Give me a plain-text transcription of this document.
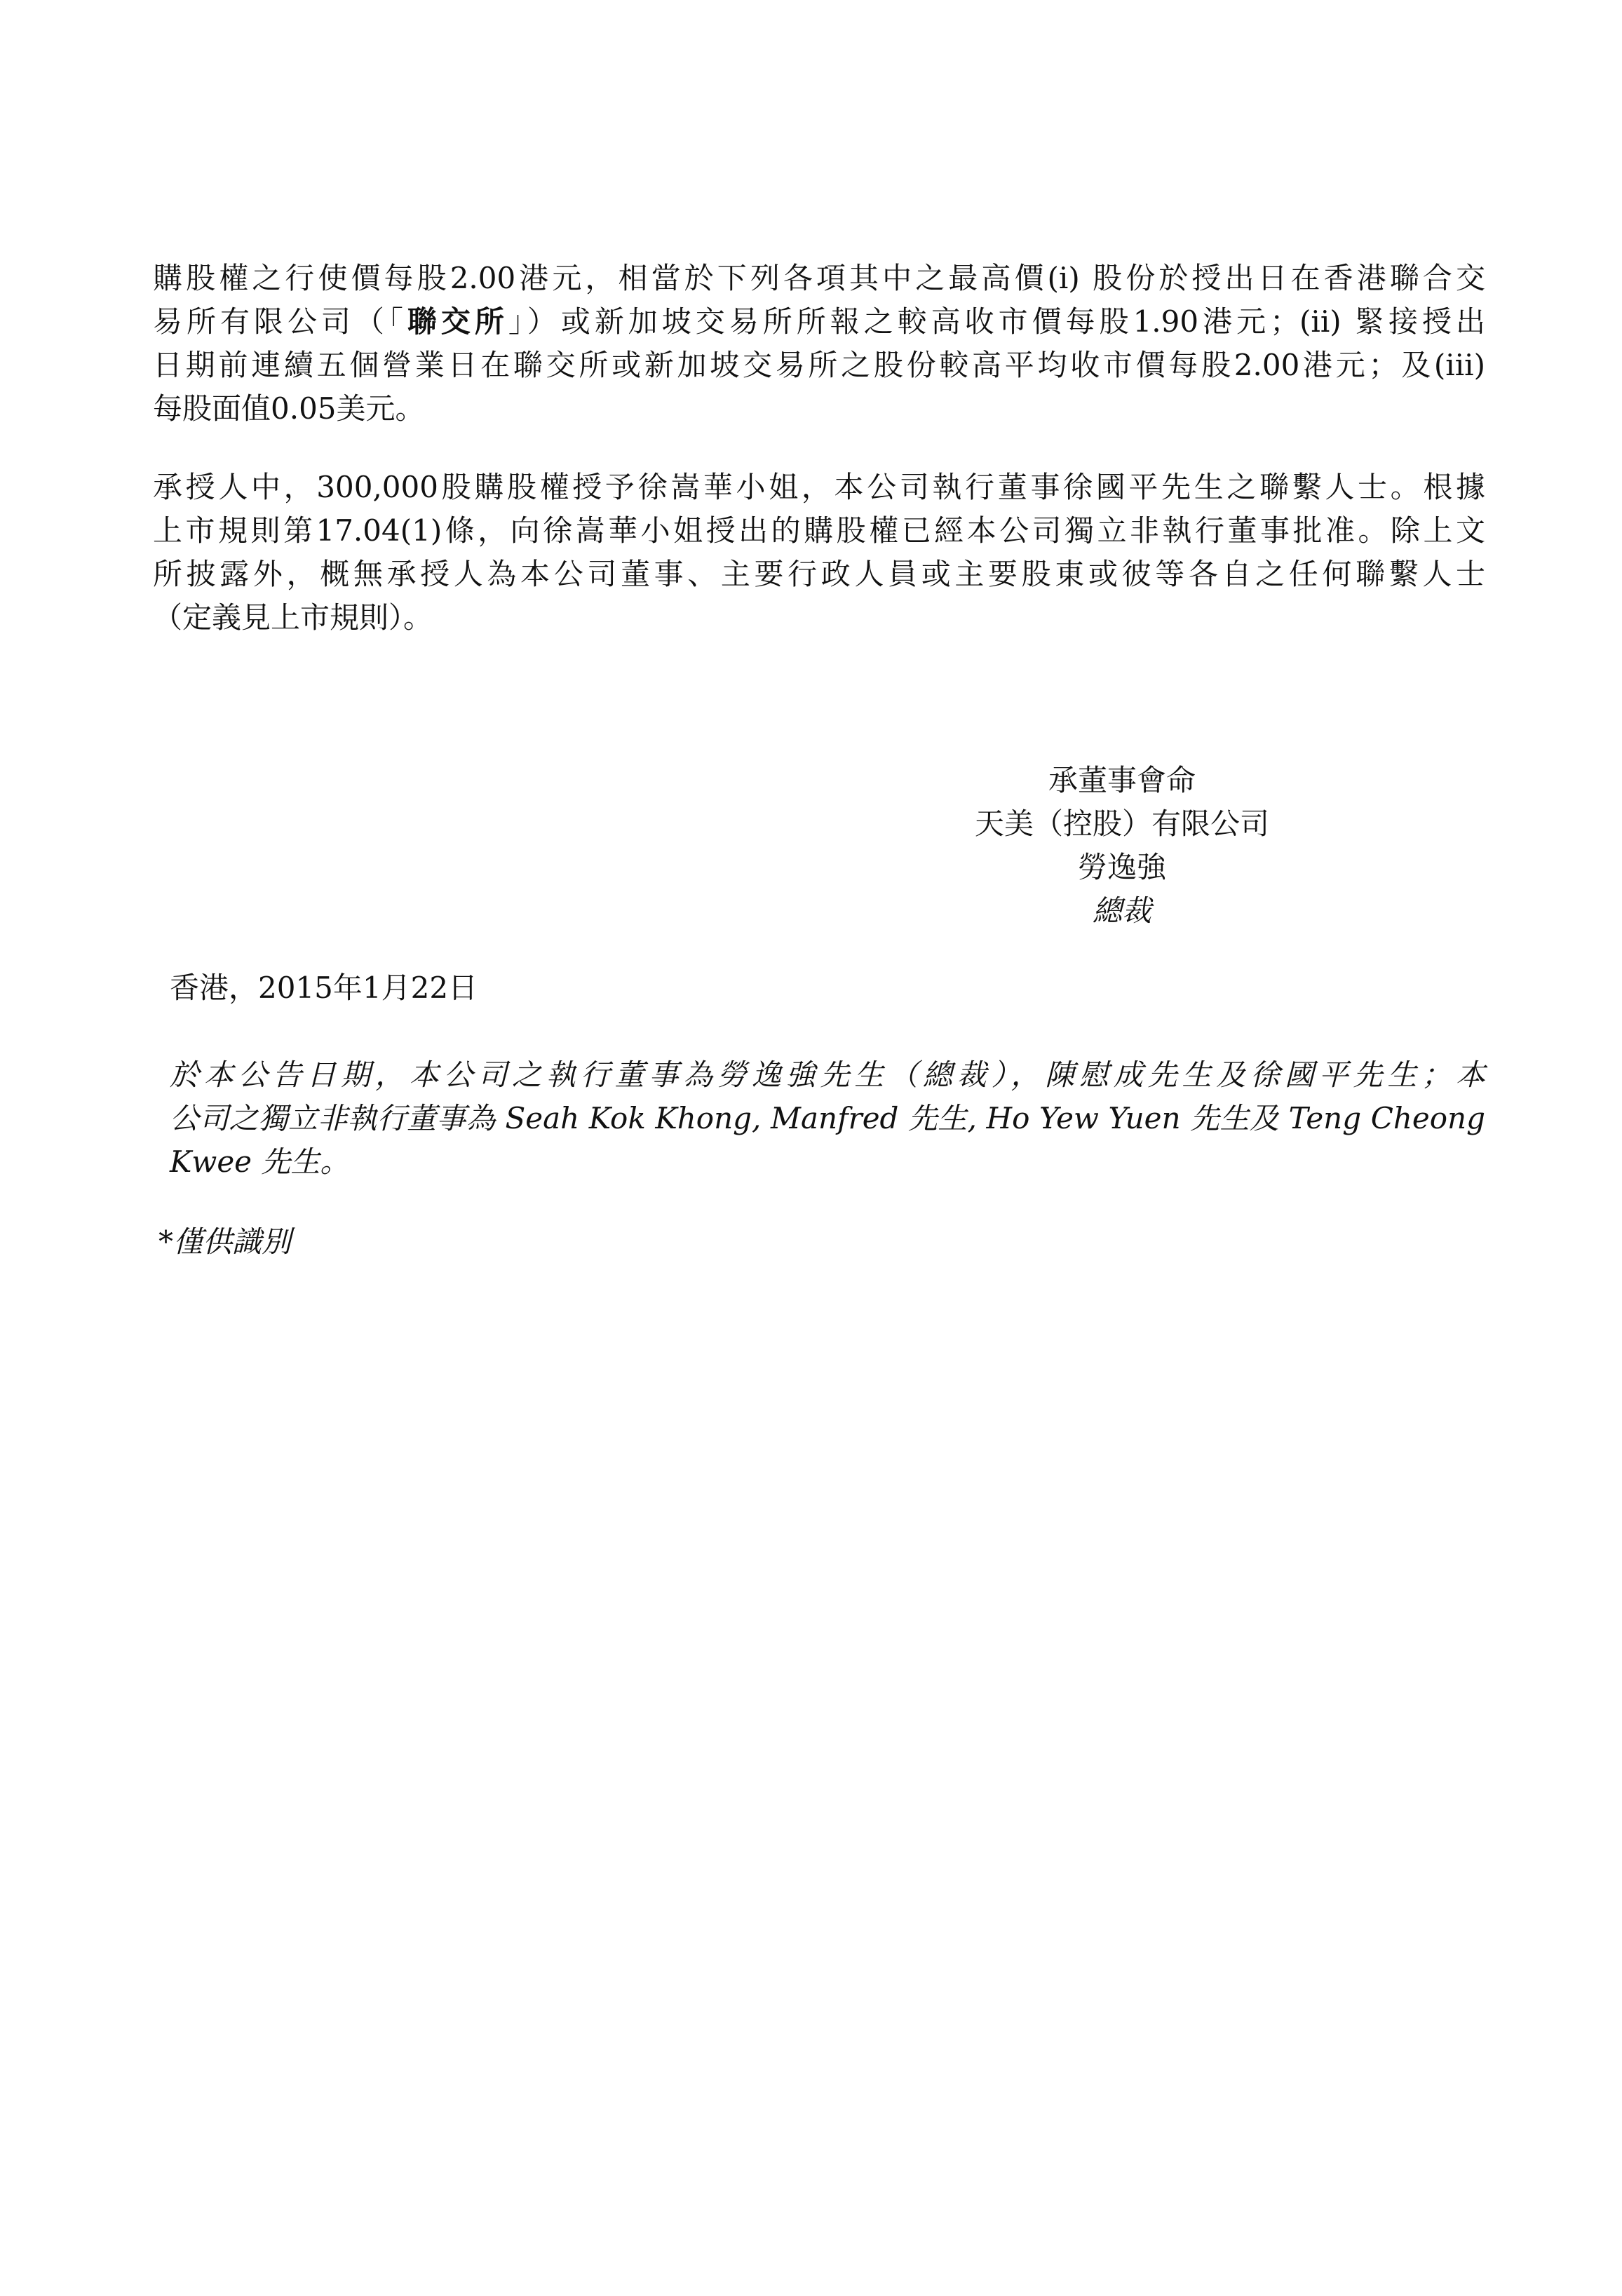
購股權之行使價每股2.00港元，相當於下列各項其中之最高價(i) 股份於授出日在香港聯合交
易所有限公司（「聯交所」）或新加坡交易所所報之較高收市價每股1.90港元；(ii) 緊接授出
日期前連續五個營業日在聯交所或新加坡交易所之股份較高平均收市價每股2.00港元；及(iii)
每股面值0.05美元。

承授人中，300,000股購股權授予徐嵩華小姐，本公司執行董事徐國平先生之聯繫人士。根據
上市規則第17.04(1)條，向徐嵩華小姐授出的購股權已經本公司獨立非執行董事批准。除上文
所披露外，概無承授人為本公司董事、主要行政人員或主要股東或彼等各自之任何聯繫人士
（定義見上市規則）。

承董事會命
天美（控股）有限公司
勞逸強
總裁
香港，2015年1月22日
於本公告日期，本公司之執行董事為勞逸強先生（總裁），陳慰成先生及徐國平先生；本
公司之獨立非執行董事為 Seah Kok Khong, Manfred 先生, Ho Yew Yuen 先生及 Teng Cheong
Kwee 先生。
*僅供識別
